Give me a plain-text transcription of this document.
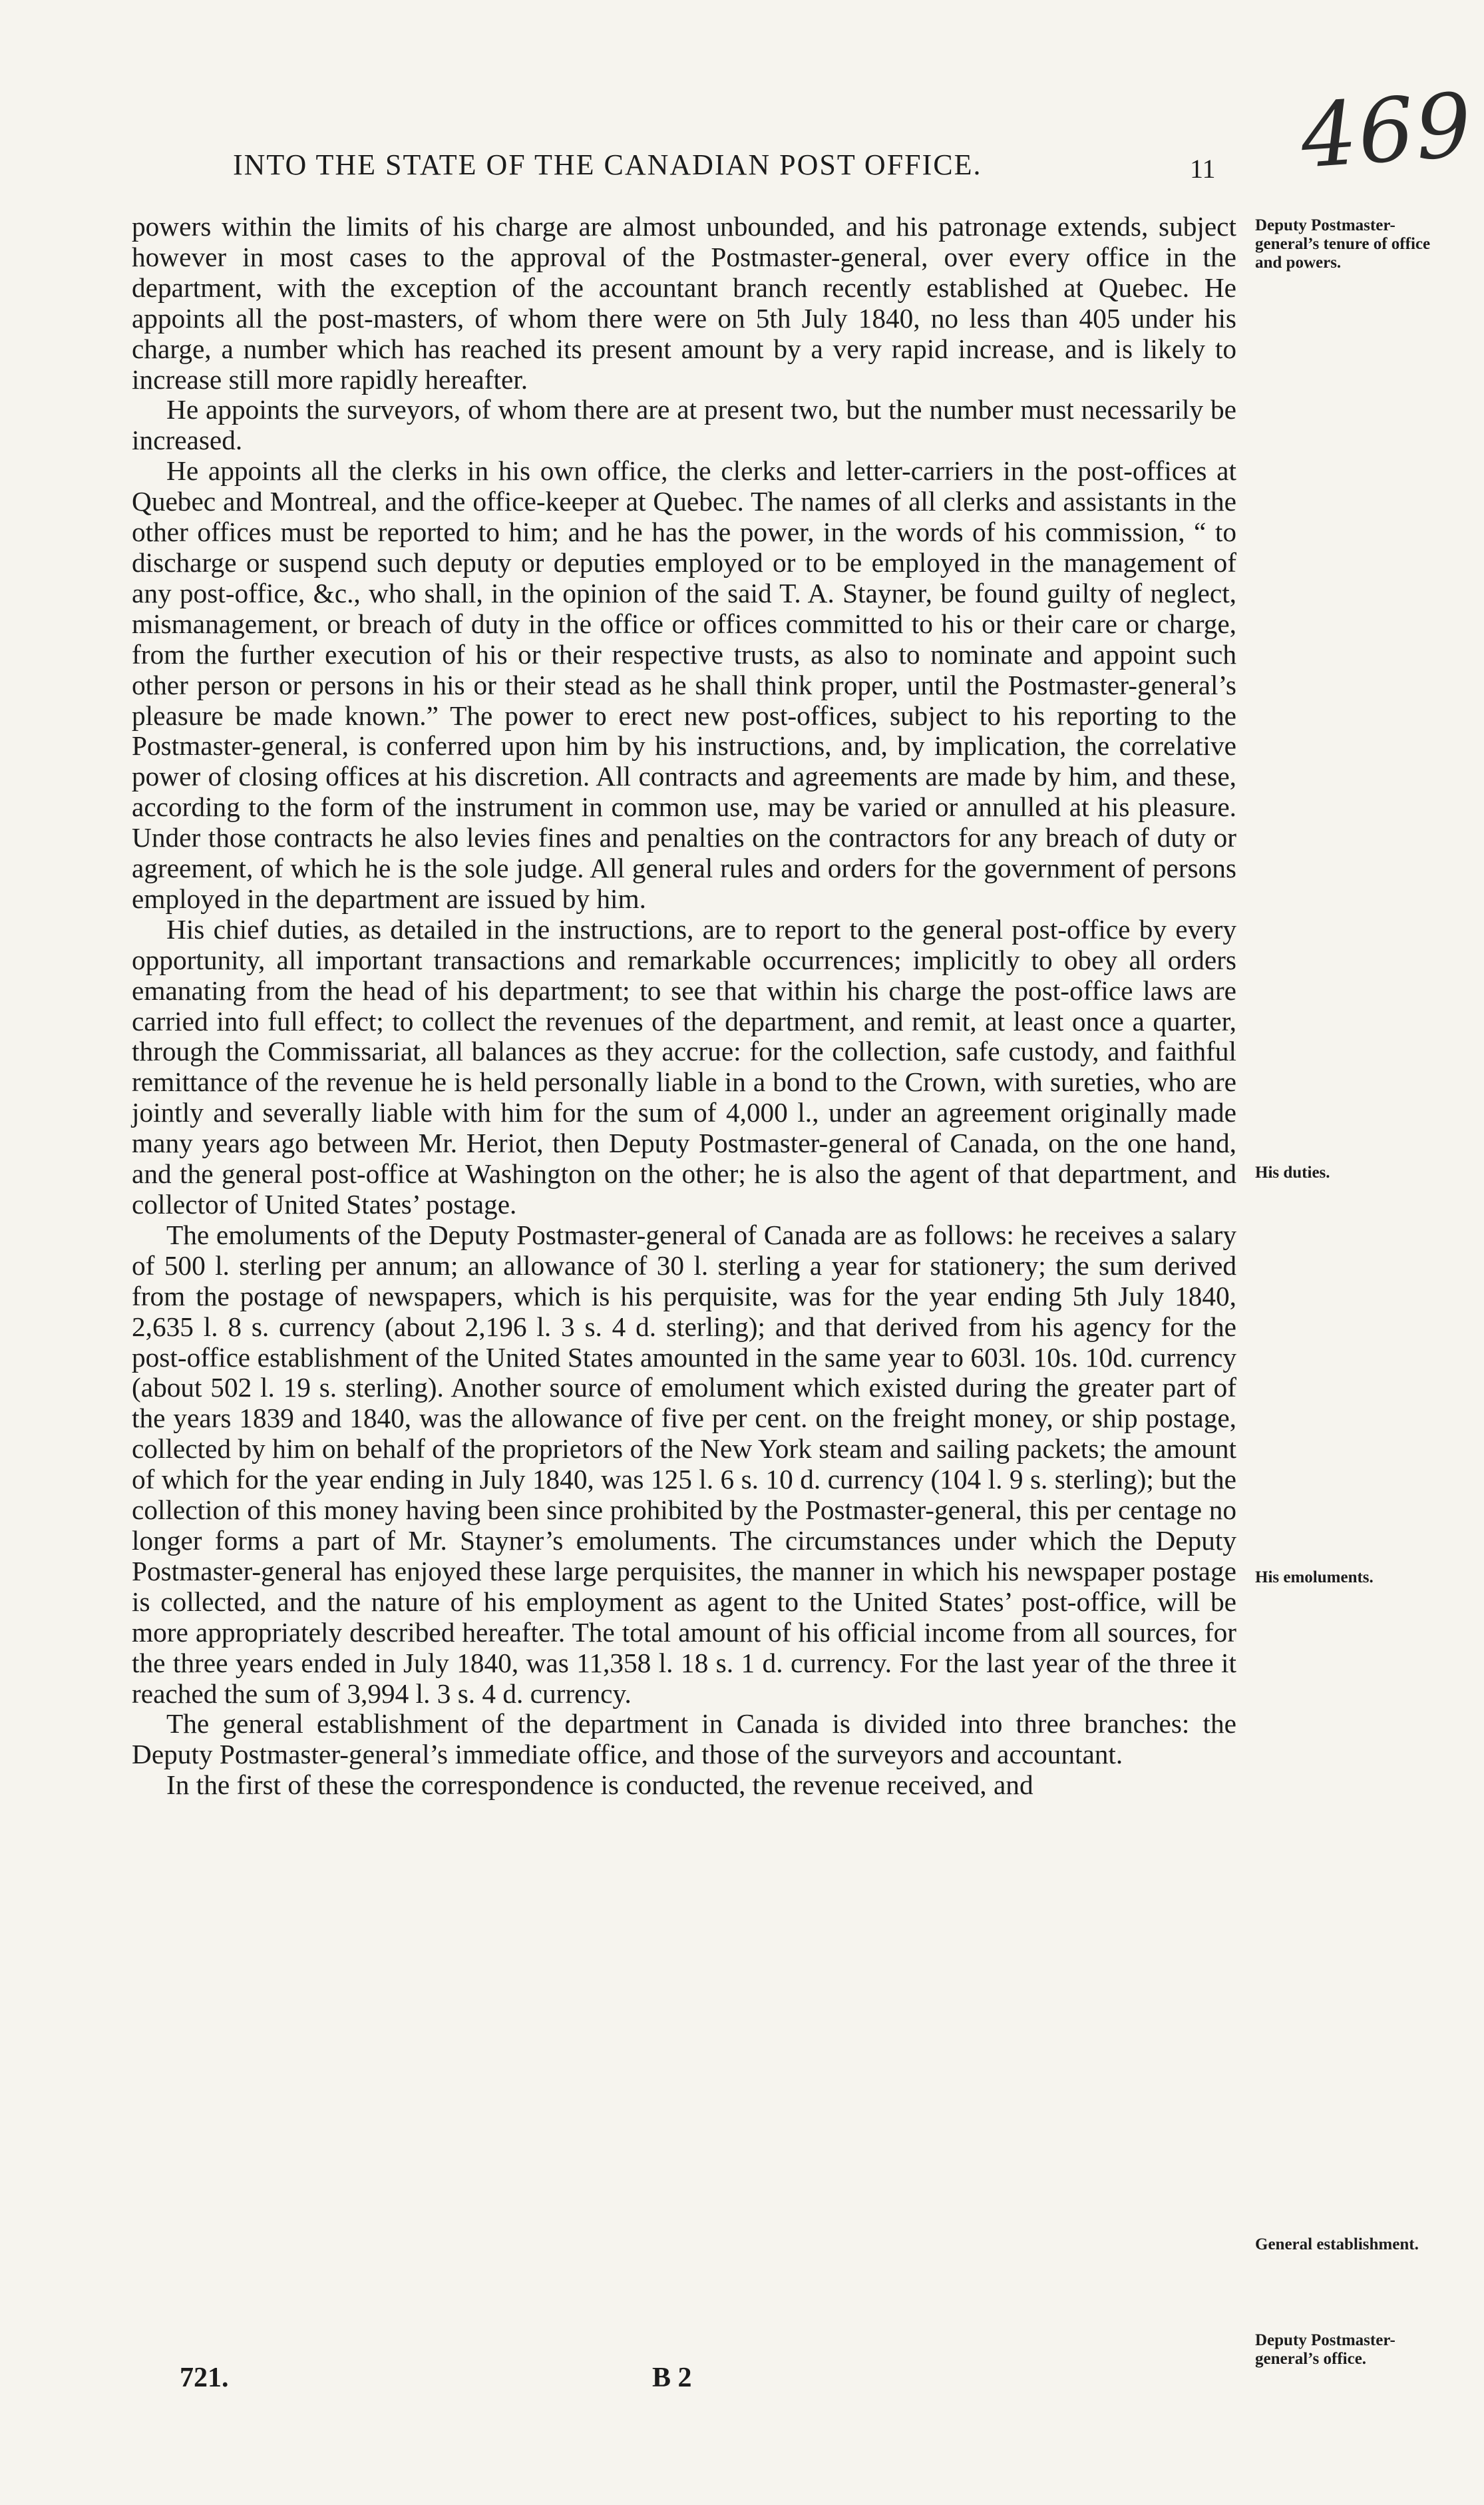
469
INTO THE STATE OF THE CANADIAN POST OFFICE.	11

powers within the limits of his charge are almost unbounded, and his patronage extends, subject however in most cases to the approval of the Postmaster-general, over every office in the department, with the exception of the accountant branch recently established at Quebec. He appoints all the post-masters, of whom there were on 5th July 1840, no less than 405 under his charge, a number which has reached its present amount by a very rapid increase, and is likely to increase still more rapidly hereafter.

He appoints the surveyors, of whom there are at present two, but the number must necessarily be increased.

He appoints all the clerks in his own office, the clerks and letter-carriers in the post-offices at Quebec and Montreal, and the office-keeper at Quebec. The names of all clerks and assistants in the other offices must be reported to him; and he has the power, in the words of his commission, “ to discharge or suspend such deputy or deputies employed or to be employed in the management of any post-office, &c., who shall, in the opinion of the said T. A. Stayner, be found guilty of neglect, mismanagement, or breach of duty in the office or offices committed to his or their care or charge, from the further execution of his or their respective trusts, as also to nominate and appoint such other person or persons in his or their stead as he shall think proper, until the Postmaster-general’s pleasure be made known.” The power to erect new post-offices, subject to his reporting to the Postmaster-general, is conferred upon him by his instructions, and, by implication, the correlative power of closing offices at his discretion. All contracts and agreements are made by him, and these, according to the form of the instrument in common use, may be varied or annulled at his pleasure. Under those contracts he also levies fines and penalties on the contractors for any breach of duty or agreement, of which he is the sole judge. All general rules and orders for the government of persons employed in the department are issued by him.

His chief duties, as detailed in the instructions, are to report to the general post-office by every opportunity, all important transactions and remarkable occurrences; implicitly to obey all orders emanating from the head of his department; to see that within his charge the post-office laws are carried into full effect; to collect the revenues of the department, and remit, at least once a quarter, through the Commissariat, all balances as they accrue: for the collection, safe custody, and faithful remittance of the revenue he is held personally liable in a bond to the Crown, with sureties, who are jointly and severally liable with him for the sum of 4,000 l., under an agreement originally made many years ago between Mr. Heriot, then Deputy Postmaster-general of Canada, on the one hand, and the general post-office at Washington on the other; he is also the agent of that department, and collector of United States’ postage.

The emoluments of the Deputy Postmaster-general of Canada are as follows: he receives a salary of 500 l. sterling per annum; an allowance of 30 l. sterling a year for stationery; the sum derived from the postage of newspapers, which is his perquisite, was for the year ending 5th July 1840, 2,635 l. 8 s. currency (about 2,196 l. 3 s. 4 d. sterling); and that derived from his agency for the post-office establishment of the United States amounted in the same year to 603l. 10s. 10d. currency (about 502 l. 19 s. sterling). Another source of emolument which existed during the greater part of the years 1839 and 1840, was the allowance of five per cent. on the freight money, or ship postage, collected by him on behalf of the proprietors of the New York steam and sailing packets; the amount of which for the year ending in July 1840, was 125 l. 6 s. 10 d. currency (104 l. 9 s. sterling); but the collection of this money having been since prohibited by the Postmaster-general, this per centage no longer forms a part of Mr. Stayner’s emoluments. The circumstances under which the Deputy Postmaster-general has enjoyed these large perquisites, the manner in which his newspaper postage is collected, and the nature of his employment as agent to the United States’ post-office, will be more appropriately described hereafter. The total amount of his official income from all sources, for the three years ended in July 1840, was 11,358 l. 18 s. 1 d. currency. For the last year of the three it reached the sum of 3,994 l. 3 s. 4 d. currency.

The general establishment of the department in Canada is divided into three branches: the Deputy Postmaster-general’s immediate office, and those of the surveyors and accountant.

In the first of these the correspondence is conducted, the revenue received, and

Deputy Postmaster-general’s tenure of office and powers.
His duties.
His emoluments.
General establishment.
Deputy Postmaster-general’s office.
721.	B 2
